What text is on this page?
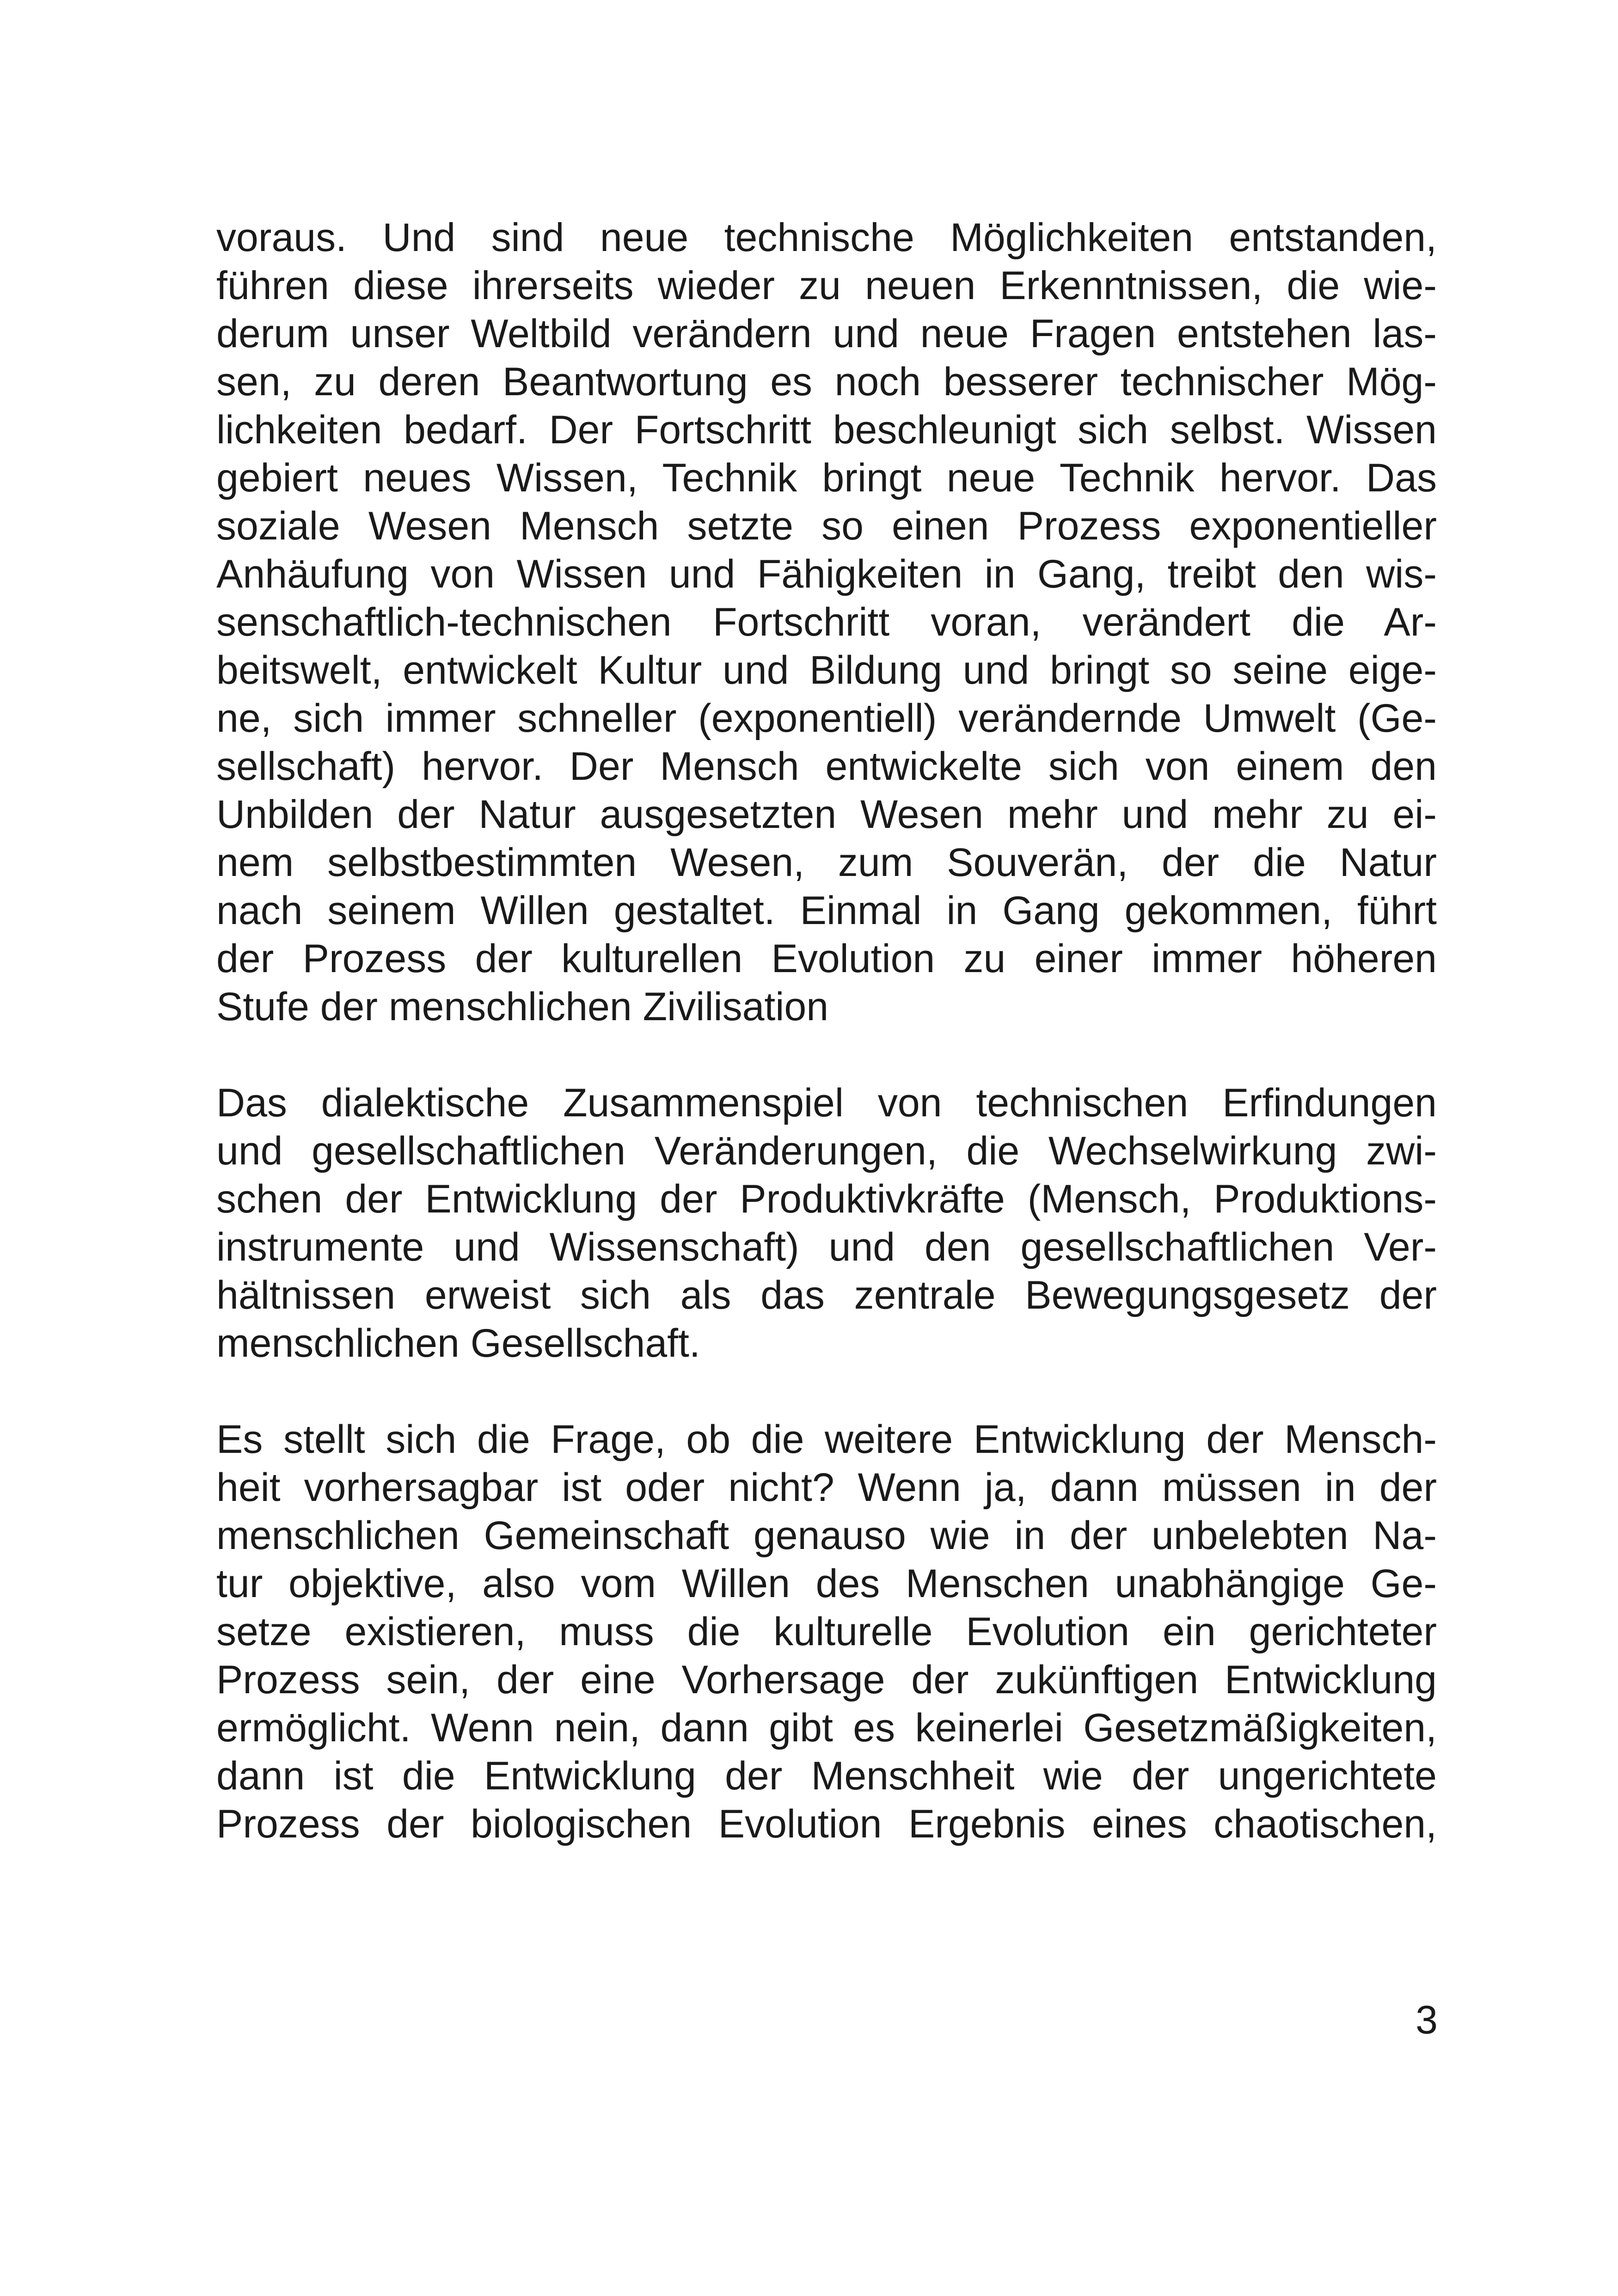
voraus. Und sind neue technische Möglichkeiten entstanden,
führen diese ihrerseits wieder zu neuen Erkenntnissen, die wie-
derum unser Weltbild verändern und neue Fragen entstehen las-
sen, zu deren Beantwortung es noch besserer technischer Mög-
lichkeiten bedarf. Der Fortschritt beschleunigt sich selbst. Wissen
gebiert neues Wissen, Technik bringt neue Technik hervor. Das
soziale Wesen Mensch setzte so einen Prozess exponentieller
Anhäufung von Wissen und Fähigkeiten in Gang, treibt den wis-
senschaftlich-technischen Fortschritt voran, verändert die Ar-
beitswelt, entwickelt Kultur und Bildung und bringt so seine eige-
ne, sich immer schneller (exponentiell) verändernde Umwelt (Ge-
sellschaft) hervor. Der Mensch entwickelte sich von einem den
Unbilden der Natur ausgesetzten Wesen mehr und mehr zu ei-
nem selbstbestimmten Wesen, zum Souverän, der die Natur
nach seinem Willen gestaltet. Einmal in Gang gekommen, führt
der Prozess der kulturellen Evolution zu einer immer höheren
Stufe der menschlichen Zivilisation

Das dialektische Zusammenspiel von technischen Erfindungen
und gesellschaftlichen Veränderungen, die Wechselwirkung zwi-
schen der Entwicklung der Produktivkräfte (Mensch, Produktions-
instrumente und Wissenschaft) und den gesellschaftlichen Ver-
hältnissen erweist sich als das zentrale Bewegungsgesetz der
menschlichen Gesellschaft.

Es stellt sich die Frage, ob die weitere Entwicklung der Mensch-
heit vorhersagbar ist oder nicht? Wenn ja, dann müssen in der
menschlichen Gemeinschaft genauso wie in der unbelebten Na-
tur objektive, also vom Willen des Menschen unabhängige Ge-
setze existieren, muss die kulturelle Evolution ein gerichteter
Prozess sein, der eine Vorhersage der zukünftigen Entwicklung
ermöglicht. Wenn nein, dann gibt es keinerlei Gesetzmäßigkeiten,
dann ist die Entwicklung der Menschheit wie der ungerichtete
Prozess der biologischen Evolution Ergebnis eines chaotischen,

3
